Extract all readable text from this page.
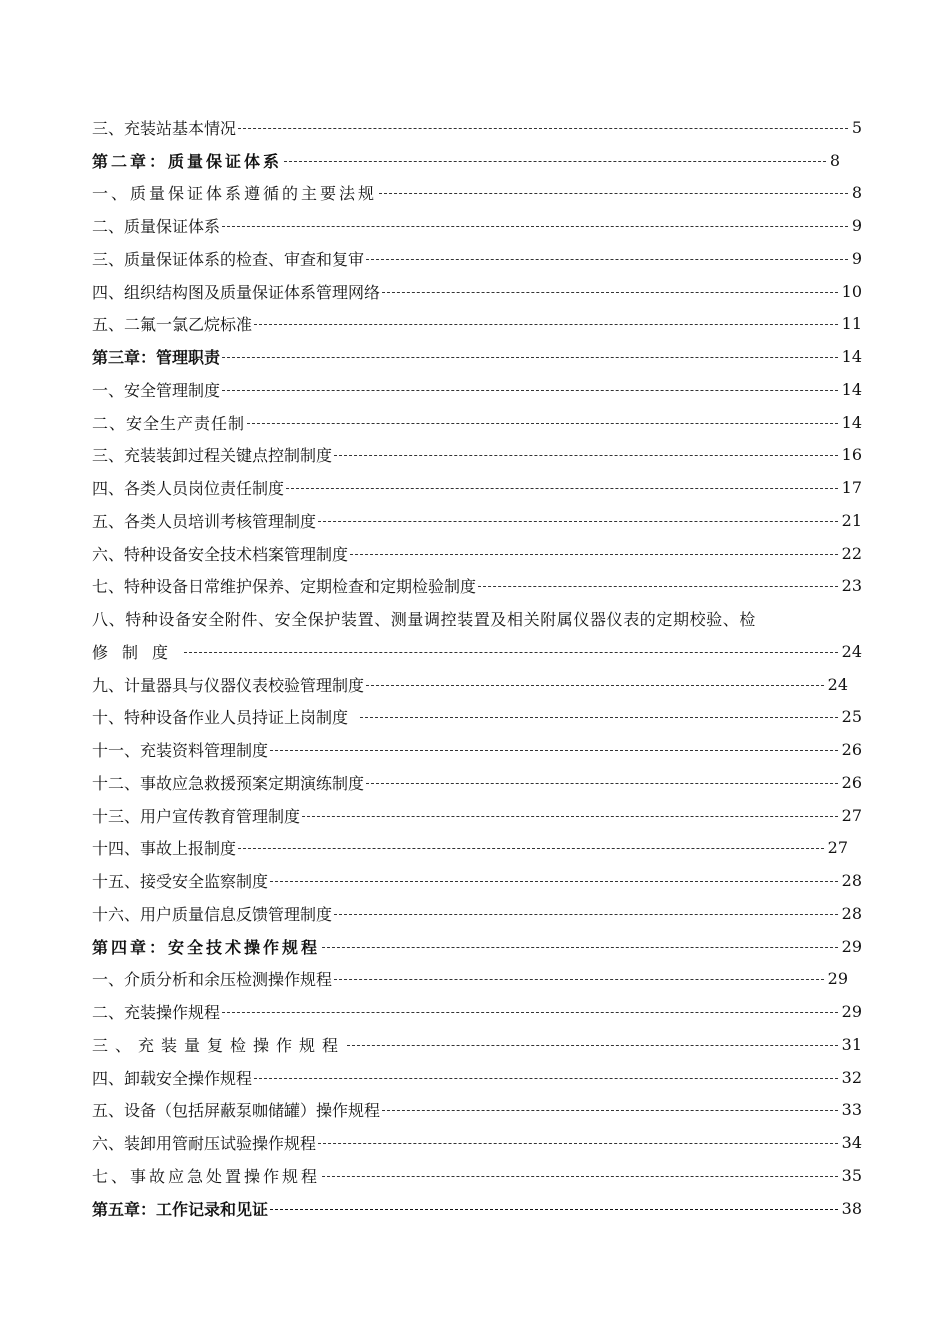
三、充装站基本情况	5
第二章：质量保证体系	8
一、质量保证体系遵循的主要法规	8
二、质量保证体系	9
三、质量保证体系的检查、审查和复审	9
四、组织结构图及质量保证体系管理网络	10
五、二氟一氯乙烷标准	11
第三章：管理职责	14
一、安全管理制度	14
二、安全生产责任制	14
三、充装装卸过程关键点控制制度	16
四、各类人员岗位责任制度	17
五、各类人员培训考核管理制度	21
六、特种设备安全技术档案管理制度	22
七、特种设备日常维护保养、定期检查和定期检验制度	23
八、特种设备安全附件、安全保护装置、测量调控装置及相关附属仪器仪表的定期校验、检
修制度	24
九、计量器具与仪器仪表校验管理制度	24
十、特种设备作业人员持证上岗制度	25
十一、充装资料管理制度	26
十二、事故应急救援预案定期演练制度	26
十三、用户宣传教育管理制度	27
十四、事故上报制度	27
十五、接受安全监察制度	28
十六、用户质量信息反馈管理制度	28
第四章：安全技术操作规程	29
一、介质分析和余压检测操作规程	29
二、充装操作规程	29
三、充装量复检操作规程	31
四、卸载安全操作规程	32
五、设备（包括屏蔽泵咖储罐）操作规程	33
六、装卸用管耐压试验操作规程	34
七、事故应急处置操作规程	35
第五章：工作记录和见证	38
